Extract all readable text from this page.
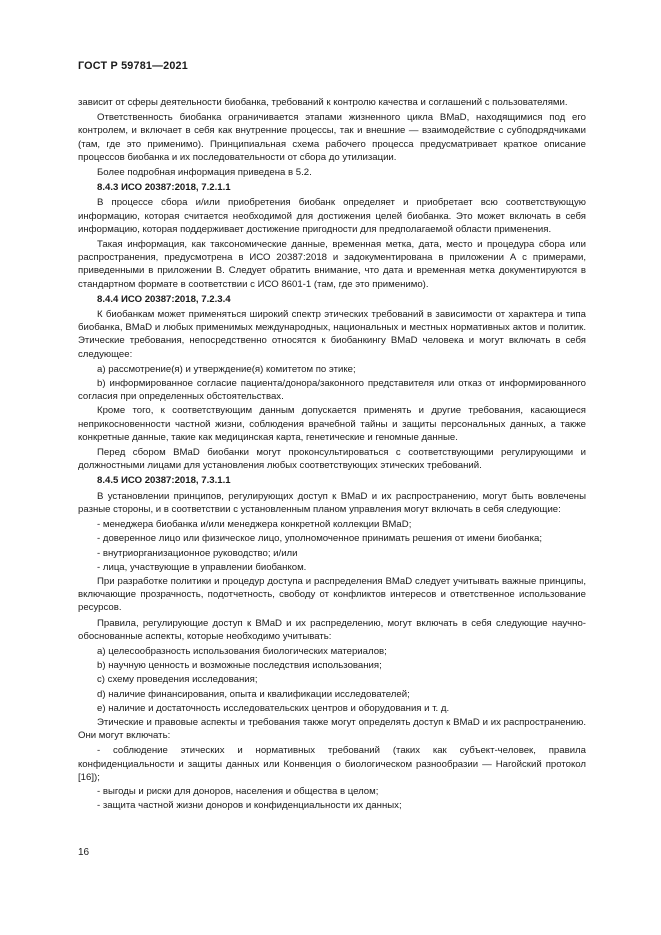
ГОСТ Р 59781—2021

зависит от сферы деятельности биобанка, требований к контролю качества и соглашений с пользователями.

Ответственность биобанка ограничивается этапами жизненного цикла BMaD, находящимися под его контролем, и включает в себя как внутренние процессы, так и внешние — взаимодействие с субподрядчиками (там, где это применимо). Принципиальная схема рабочего процесса предусматривает краткое описание процессов биобанка и их последовательности от сбора до утилизации.

Более подробная информация приведена в 5.2.

8.4.3 ИСО 20387:2018, 7.2.1.1

В процессе сбора и/или приобретения биобанк определяет и приобретает всю соответствующую информацию, которая считается необходимой для достижения целей биобанка. Это может включать в себя информацию, которая поддерживает достижение пригодности для предполагаемой области применения.

Такая информация, как таксономические данные, временная метка, дата, место и процедура сбора или распространения, предусмотрена в ИСО 20387:2018 и задокументирована в приложении А с примерами, приведенными в приложении В. Следует обратить внимание, что дата и временная метка документируются в стандартном формате в соответствии с ИСО 8601-1 (там, где это применимо).

8.4.4 ИСО 20387:2018, 7.2.3.4

К биобанкам может применяться широкий спектр этических требований в зависимости от характера и типа биобанка, BMaD и любых применимых международных, национальных и местных нормативных актов и политик. Этические требования, непосредственно относятся к биобанкингу BMaD человека и могут включать в себя следующее:

а) рассмотрение(я) и утверждение(я) комитетом по этике;

b) информированное согласие пациента/донора/законного представителя или отказ от информированного согласия при определенных обстоятельствах.

Кроме того, к соответствующим данным допускается применять и другие требования, касающиеся неприкосновенности частной жизни, соблюдения врачебной тайны и защиты персональных данных, а также конкретные данные, такие как медицинская карта, генетические и геномные данные.

Перед сбором BMaD биобанки могут проконсультироваться с соответствующими регулирующими и должностными лицами для установления любых соответствующих этических требований.

8.4.5 ИСО 20387:2018, 7.3.1.1

В установлении принципов, регулирующих доступ к BMaD и их распространению, могут быть вовлечены разные стороны, и в соответствии с установленным планом управления могут включать в себя следующие:

- менеджера биобанка и/или менеджера конкретной коллекции BMaD;

- доверенное лицо или физическое лицо, уполномоченное принимать решения от имени биобанка;

- внутриорганизационное руководство; и/или

- лица, участвующие в управлении биобанком.

При разработке политики и процедур доступа и распределения BMaD следует учитывать важные принципы, включающие прозрачность, подотчетность, свободу от конфликтов интересов и ответственное использование ресурсов.

Правила, регулирующие доступ к BMaD и их распределению, могут включать в себя следующие научно-обоснованные аспекты, которые необходимо учитывать:

а) целесообразность использования биологических материалов;

b) научную ценность и возможные последствия использования;

c) схему проведения исследования;

d) наличие финансирования, опыта и квалификации исследователей;

e) наличие и достаточность исследовательских центров и оборудования и т. д.

Этические и правовые аспекты и требования также могут определять доступ к BMaD и их распространению. Они могут включать:

- соблюдение этических и нормативных требований (таких как субъект-человек, правила конфиденциальности и защиты данных или Конвенция о биологическом разнообразии — Нагойский протокол [16]);

- выгоды и риски для доноров, населения и общества в целом;

- защита частной жизни доноров и конфиденциальности их данных;

16
